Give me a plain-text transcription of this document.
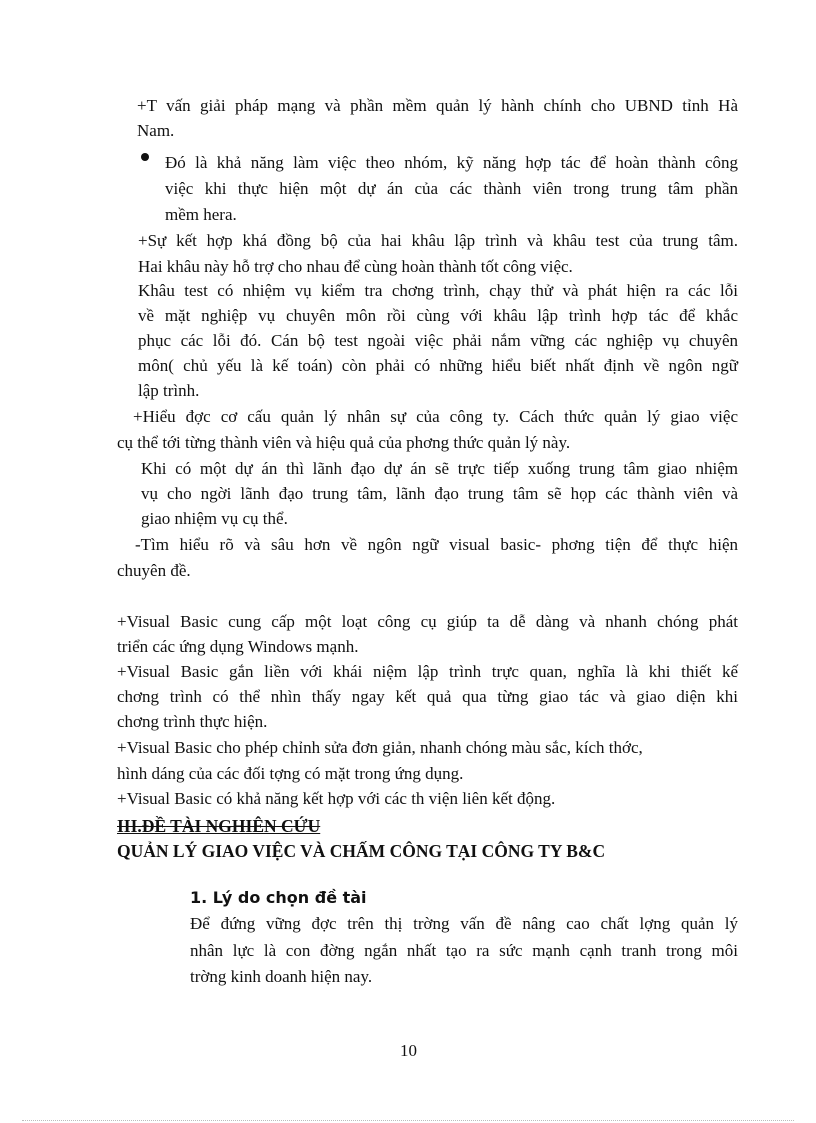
+T vấn giải pháp mạng và phần mềm quản lý hành chính cho UBND tỉnh Hà
Nam.
Đó là khả năng làm việc theo nhóm, kỹ năng hợp tác để hoàn thành công
việc khi thực hiện một dự án của các thành viên trong trung tâm phần
mềm hera.
+Sự kết hợp khá đồng bộ của hai khâu lập trình và khâu test của trung tâm.
Hai khâu này hỗ trợ cho nhau để cùng hoàn thành tốt công việc.
Khâu test có nhiệm vụ kiểm tra chơng trình, chạy thử và phát hiện ra các lỗi
về mặt nghiệp vụ chuyên môn rồi cùng với khâu lập trình hợp tác để khắc
phục các lỗi đó. Cán bộ test ngoài việc phải nắm vững các nghiệp vụ chuyên
môn( chủ yếu là kế toán) còn phải có những hiểu biết nhất định về ngôn ngữ
lập trình.
+Hiểu đợc cơ cấu quản lý nhân sự của công ty. Cách thức quản lý giao việc
cụ thể tới từng thành viên và hiệu quả của phơng thức quản lý này.
Khi có một dự án thì lãnh đạo dự án sẽ trực tiếp xuống trung tâm giao nhiệm
vụ cho ngời lãnh đạo trung tâm, lãnh đạo trung tâm sẽ họp các thành viên và
giao nhiệm vụ cụ thể.
-Tìm hiểu rõ và sâu hơn về ngôn ngữ visual basic- phơng tiện để thực hiện
chuyên đề.
+Visual Basic cung cấp một loạt công cụ giúp ta dễ dàng và nhanh chóng phát
triển các ứng dụng Windows mạnh.
+Visual Basic gắn liền với khái niệm lập trình trực quan, nghĩa là khi thiết kế
chơng trình có thể nhìn thấy ngay kết quả qua từng giao tác và giao diện khi
chơng trình thực hiện.
+Visual Basic cho phép chỉnh sửa đơn giản, nhanh chóng màu sắc, kích thớc,
hình dáng của các đối tợng có mặt trong ứng dụng.
+Visual Basic có khả năng kết hợp với các th viện liên kết động.
III.ĐỀ TÀI NGHIÊN CỨU
QUẢN LÝ GIAO VIỆC VÀ CHẤM CÔNG TẠI CÔNG TY B&C
1. Lý do chọn đề tài
Để đứng vững đợc trên thị trờng vấn đề nâng cao chất lợng quản lý
nhân lực là con đờng ngắn nhất tạo ra sức mạnh cạnh tranh trong môi
trờng kinh doanh hiện nay.
10
